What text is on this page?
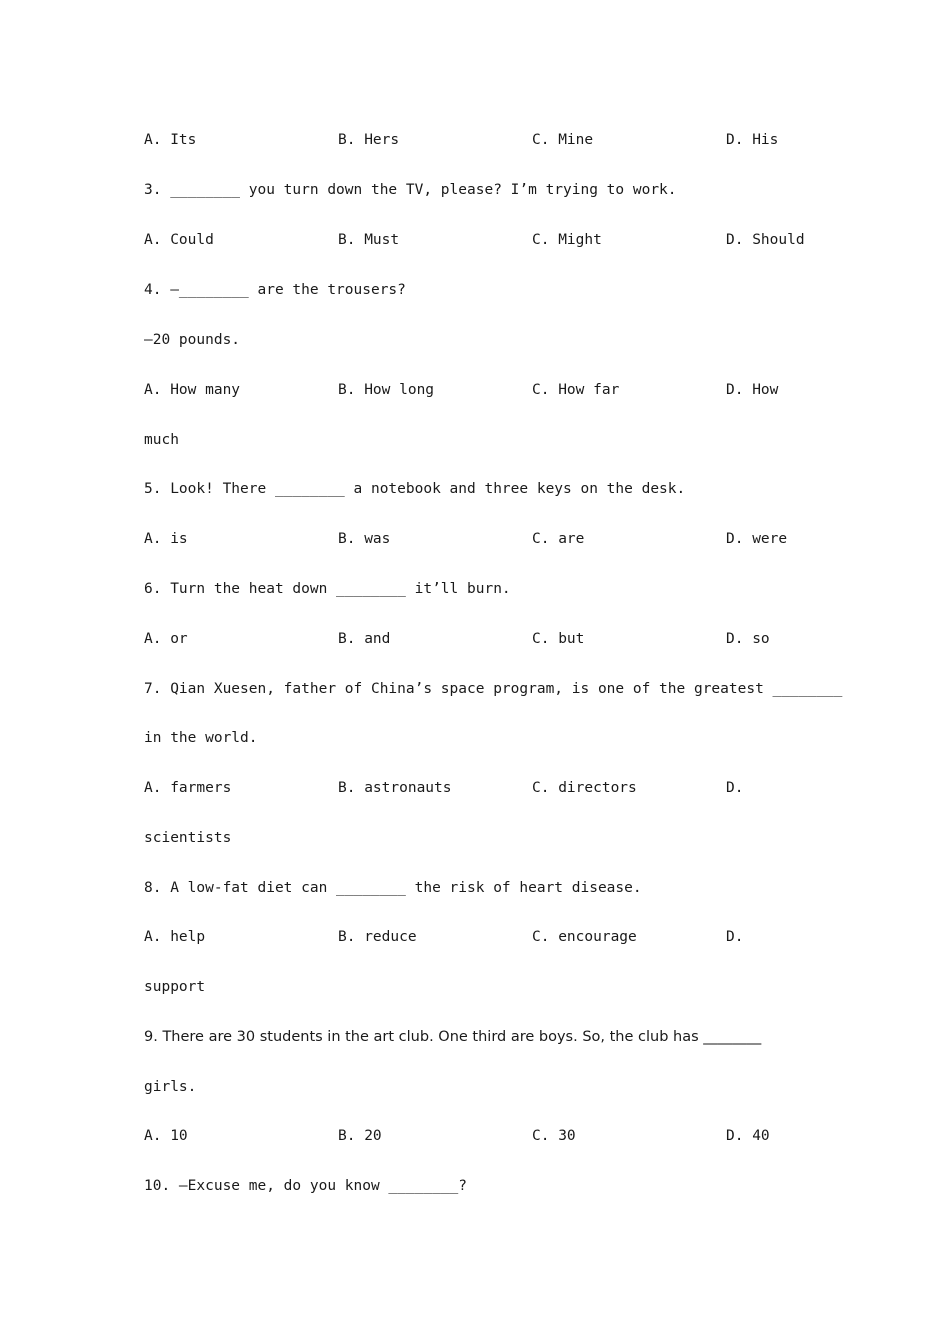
A. Its

	B. Hers

	C. Mine

	D. His

3. ________ you turn down the TV, please? I’m trying to work.

A. Could

	B. Must

	C. Might

	D. Should

4. —________ are the trousers?
—20 pounds.

A. How many

	B. How long

	C. How far

	D. How

much
5. Look! There ________ a notebook and three keys on the desk.

A. is

	B. was

	C. are

	D. were

6. Turn the heat down ________ it’ll burn.

A. or

	B. and

	C. but

	D. so

7. Qian Xuesen, father of China’s space program, is one of the greatest ________
in the world.

A. farmers

	B. astronauts

	C. directors

	D.

scientists
8. A low-fat diet can ________ the risk of heart disease.

A. help

	B. reduce

	C. encourage

	D.

support
9. There are 30 students in the art club. One third are boys. So, the club has ________
girls.

A. 10

	B. 20

	C. 30

	D. 40

10. —Excuse me, do you know ________?
